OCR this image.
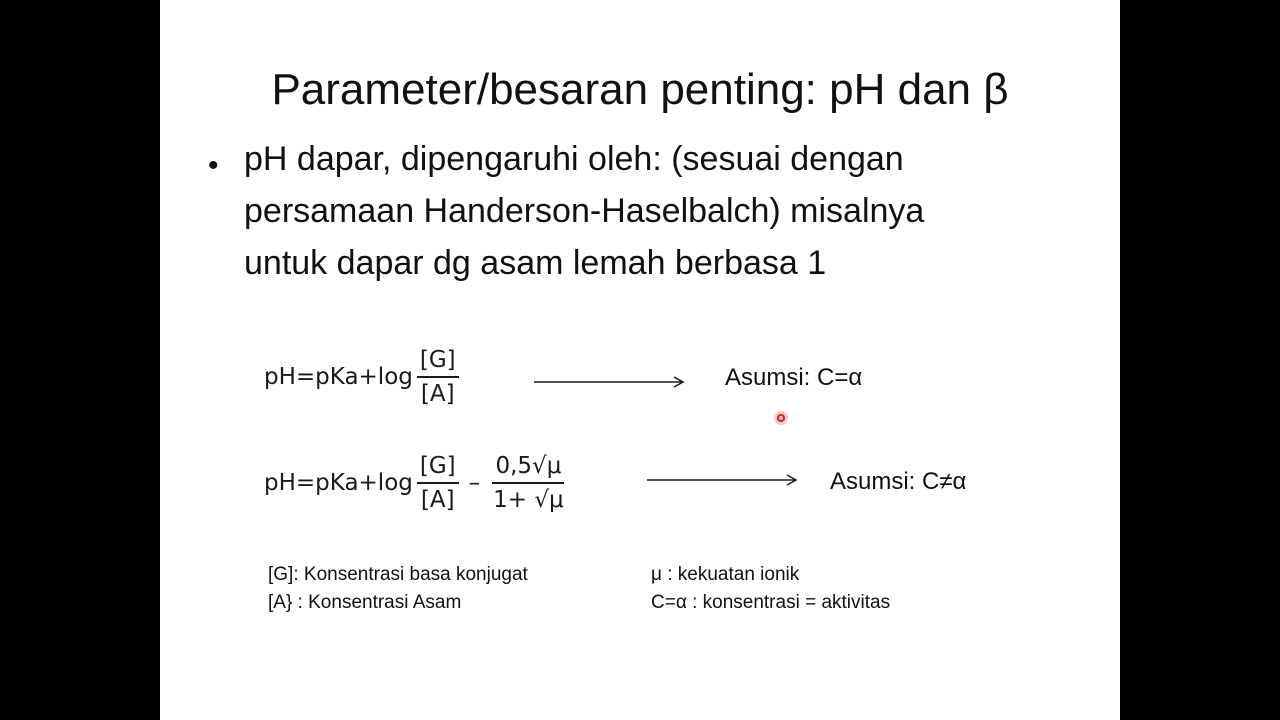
Parameter/besaran penting: pH dan β
• pH dapar, dipengaruhi oleh: (sesuai dengan
persamaan Handerson-Haselbalch) misalnya
untuk dapar dg asam lemah berbasa 1
$pH=pKa+\log \frac{[G]}{[A]}$	Asumsi: C=α
$pH=pKa+\log \frac{[G]}{[A]} - \frac{0,5√\mu}{1+ √\mu}$	Asumsi: C≠α
[G]: Konsentrasi basa konjugat
[A} : Konsentrasi Asam
μ : kekuatan ionik
C=α : konsentrasi = aktivitas
